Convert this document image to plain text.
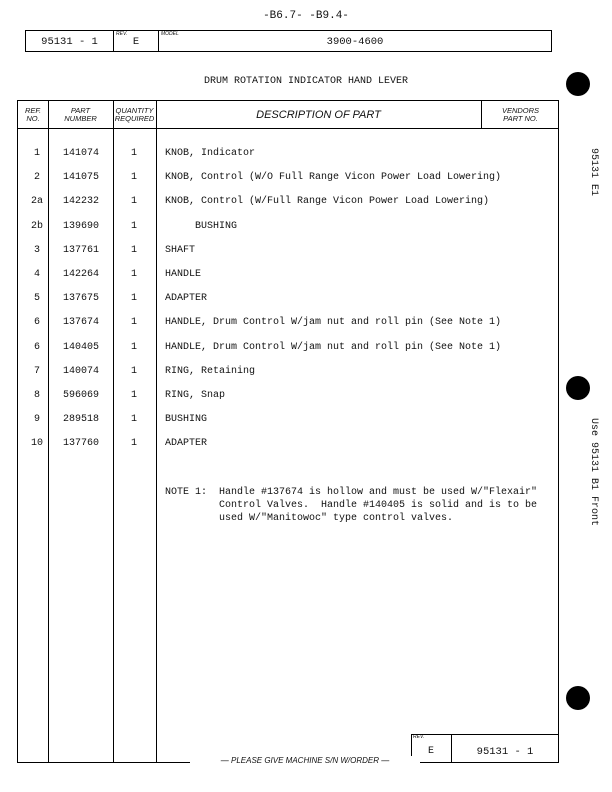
-B6.7- -B9.4-
95131 - 1
REV.
E
MODEL
3900-4600
DRUM ROTATION INDICATOR HAND LEVER
REF.
NO.
PART
NUMBER
QUANTITY
REQUIRED	DESCRIPTION OF PART	VENDORS
PART NO.
1	141074	1	KNOB, Indicator
2	141075	1	KNOB, Control (W/O Full Range Vicon Power Load Lowering)
2a	142232	1	KNOB, Control (W/Full Range Vicon Power Load Lowering)
2b	139690	1	BUSHING
3	137761	1	SHAFT
4	142264	1	HANDLE
5	137675	1	ADAPTER
6	137674	1	HANDLE, Drum Control W/jam nut and roll pin (See Note 1)
6	140405	1	HANDLE, Drum Control W/jam nut and roll pin (See Note 1)
7	140074	1	RING, Retaining
8	596069	1	RING, Snap
9	289518	1	BUSHING
10	137760	1	ADAPTER
NOTE 1:  Handle #137674 is hollow and must be used W/"Flexair"
Control Valves.  Handle #140405 is solid and is to be
used W/"Manitowoc" type control valves.
REV.
E	95131 - 1
— PLEASE GIVE MACHINE S/N W/ORDER —
95131 E1
Use 95131 B1 Front
